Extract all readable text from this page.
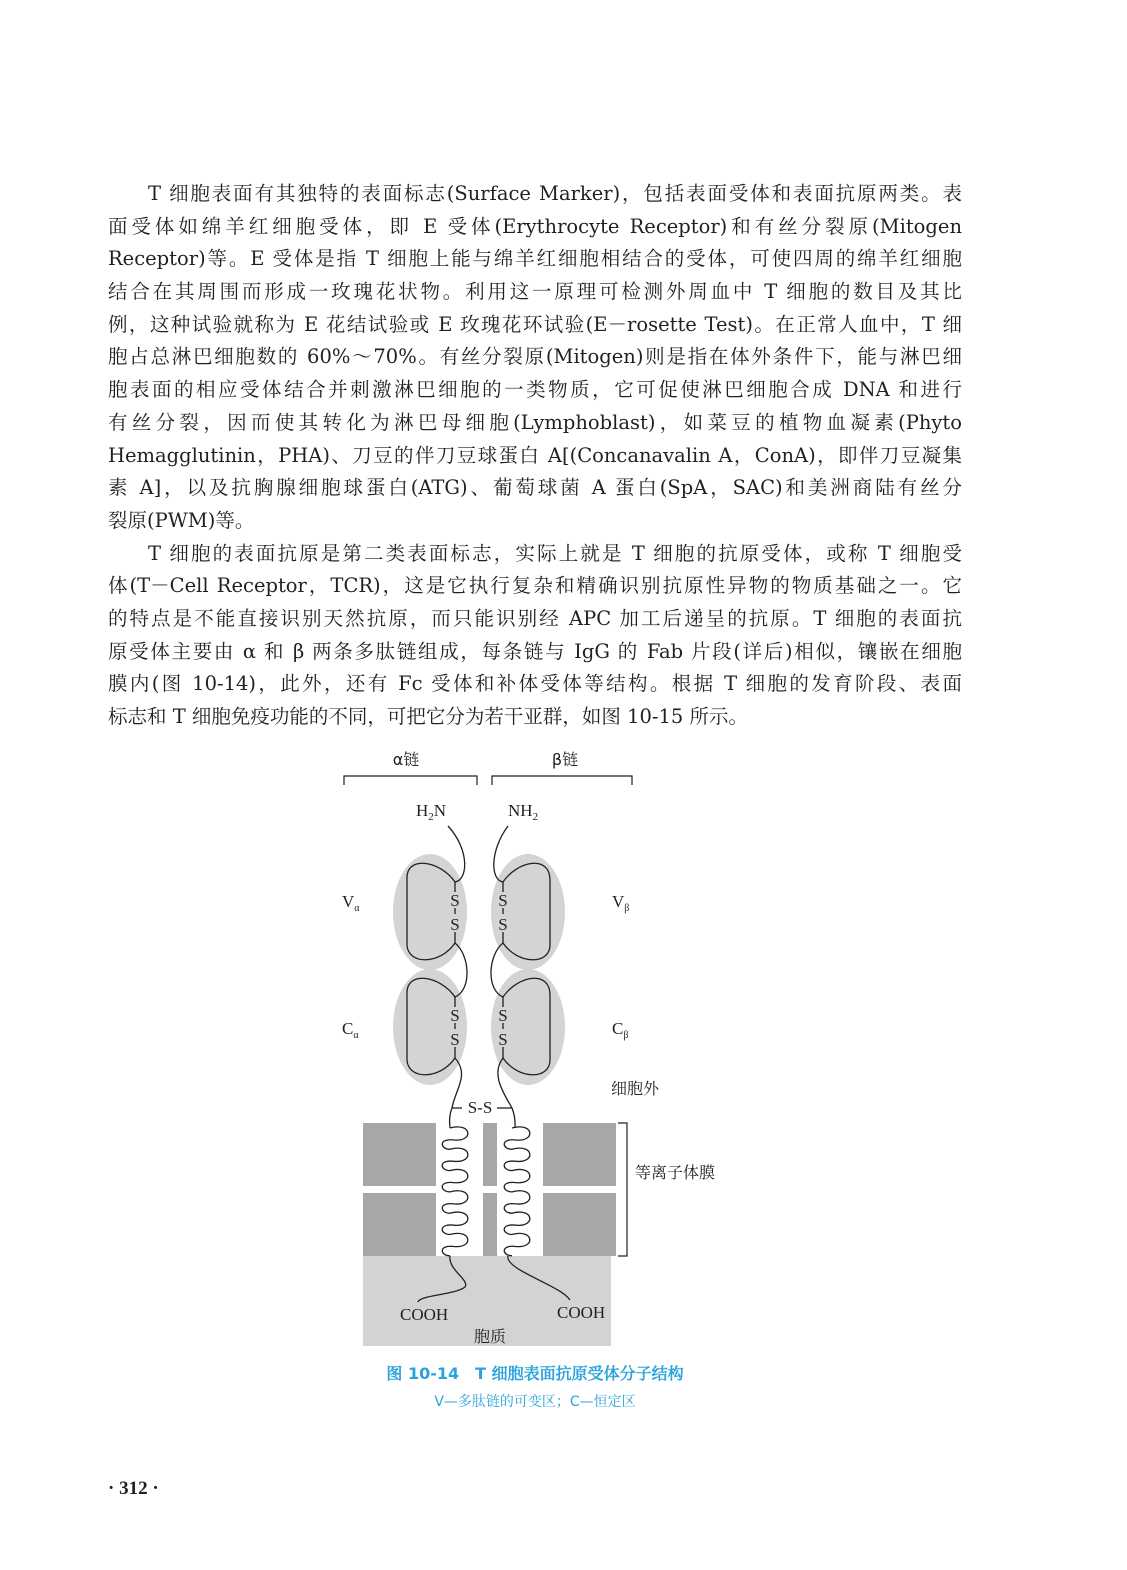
T 细胞表面有其独特的表面标志(Surface Marker)，包括表面受体和表面抗原两类。表
面受体如绵羊红细胞受体，即 E 受体(Erythrocyte Receptor)和有丝分裂原(Mitogen
Receptor)等。E 受体是指 T 细胞上能与绵羊红细胞相结合的受体，可使四周的绵羊红细胞
结合在其周围而形成一玫瑰花状物。利用这一原理可检测外周血中 T 细胞的数目及其比
例，这种试验就称为 E 花结试验或 E 玫瑰花环试验(E－rosette Test)。在正常人血中，T 细
胞占总淋巴细胞数的 60%～70%。有丝分裂原(Mitogen)则是指在体外条件下，能与淋巴细
胞表面的相应受体结合并刺激淋巴细胞的一类物质，它可促使淋巴细胞合成 DNA 和进行
有丝分裂，因而使其转化为淋巴母细胞(Lymphoblast)，如菜豆的植物血凝素(Phyto
Hemagglutinin，PHA)、刀豆的伴刀豆球蛋白 A[(Concanavalin A，ConA)，即伴刀豆凝集
素 A]，以及抗胸腺细胞球蛋白(ATG)、葡萄球菌 A 蛋白(SpA，SAC)和美洲商陆有丝分
裂原(PWM)等。
T 细胞的表面抗原是第二类表面标志，实际上就是 T 细胞的抗原受体，或称 T 细胞受
体(T－Cell Receptor，TCR)，这是它执行复杂和精确识别抗原性异物的物质基础之一。它
的特点是不能直接识别天然抗原，而只能识别经 APC 加工后递呈的抗原。T 细胞的表面抗
原受体主要由 α 和 β 两条多肽链组成，每条链与 IgG 的 Fab 片段(详后)相似，镶嵌在细胞
膜内(图 10-14)，此外，还有 Fc 受体和补体受体等结构。根据 T 细胞的发育阶段、表面
标志和 T 细胞免疫功能的不同，可把它分为若干亚群，如图 10-15 所示。
α链	β链
$H_2N$	$NH_2$
S
S
S
S
S
S
S
S
S-S
$V_\alpha$	$V_\beta$
$C_\alpha$	$C_\beta$
细胞外
等离子体膜
COOH	COOH
胞质
图 10-14　T 细胞表面抗原受体分子结构
V—多肽链的可变区；C—恒定区
· 312 ·
